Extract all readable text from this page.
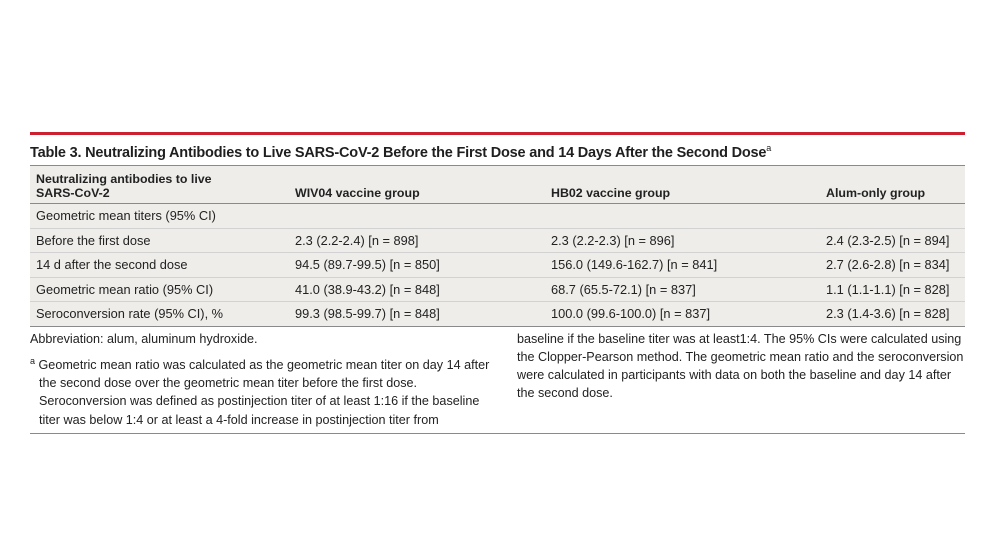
Table 3. Neutralizing Antibodies to Live SARS-CoV-2 Before the First Dose and 14 Days After the Second Dose$^a$
Neutralizing antibodies to live
SARS-CoV-2	WIV04 vaccine group	HB02 vaccine group	Alum-only group
Geometric mean titers (95% CI)			
Before the first dose	2.3 (2.2-2.4) [n = 898]	2.3 (2.2-2.3) [n = 896]	2.4 (2.3-2.5) [n = 894]
14 d after the second dose	94.5 (89.7-99.5) [n = 850]	156.0 (149.6-162.7) [n = 841]	2.7 (2.6-2.8) [n = 834]
Geometric mean ratio (95% CI)	41.0 (38.9-43.2) [n = 848]	68.7 (65.5-72.1) [n = 837]	1.1 (1.1-1.1) [n = 828]
Seroconversion rate (95% CI), %	99.3 (98.5-99.7) [n = 848]	100.0 (99.6-100.0) [n = 837]	2.3 (1.4-3.6) [n = 828]
Abbreviation: alum, aluminum hydroxide.
$^a$ Geometric mean ratio was calculated as the geometric mean titer on day 14 after the second dose over the geometric mean titer before the first dose. Seroconversion was defined as postinjection titer of at least 1:16 if the baseline titer was below 1:4 or at least a 4-fold increase in postinjection titer from
baseline if the baseline titer was at least1:4. The 95% CIs were calculated using the Clopper-Pearson method. The geometric mean ratio and the seroconversion were calculated in participants with data on both the baseline and day 14 after the second dose.
